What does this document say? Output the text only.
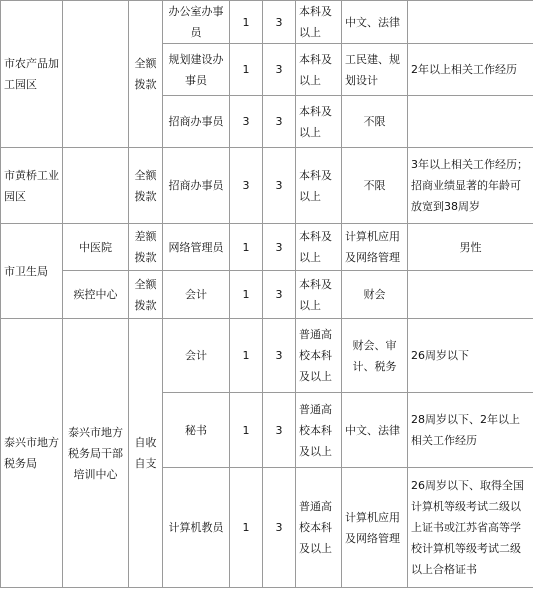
市农产品加工园区		全额拨款	办公室办事员	1	3	本科及以上	中文、法律	
			规划建设办事员	1	3	本科及以上	工民建、规划设计	2年以上相关工作经历
			招商办事员	3	3	本科及以上	不限	
市黄桥工业园区		全额拨款	招商办事员	3	3	本科及以上	不限	3年以上相关工作经历；招商业绩显著的年龄可放宽到38周岁
市卫生局	中医院	差额拨款	网络管理员	1	3	本科及以上	计算机应用及网络管理	男性
	疾控中心	全额拨款	会计	1	3	本科及以上	财会	
泰兴市地方税务局	泰兴市地方税务局干部培训中心	自收自支	会计	1	3	普通高校本科及以上	财会、审计、税务	26周岁以下
			秘书	1	3	普通高校本科及以上	中文、法律	28周岁以下、2年以上相关工作经历
			计算机教员	1	3	普通高校本科及以上	计算机应用及网络管理	26周岁以下、取得全国计算机等级考试二级以上证书或江苏省高等学校计算机等级考试二级以上合格证书
